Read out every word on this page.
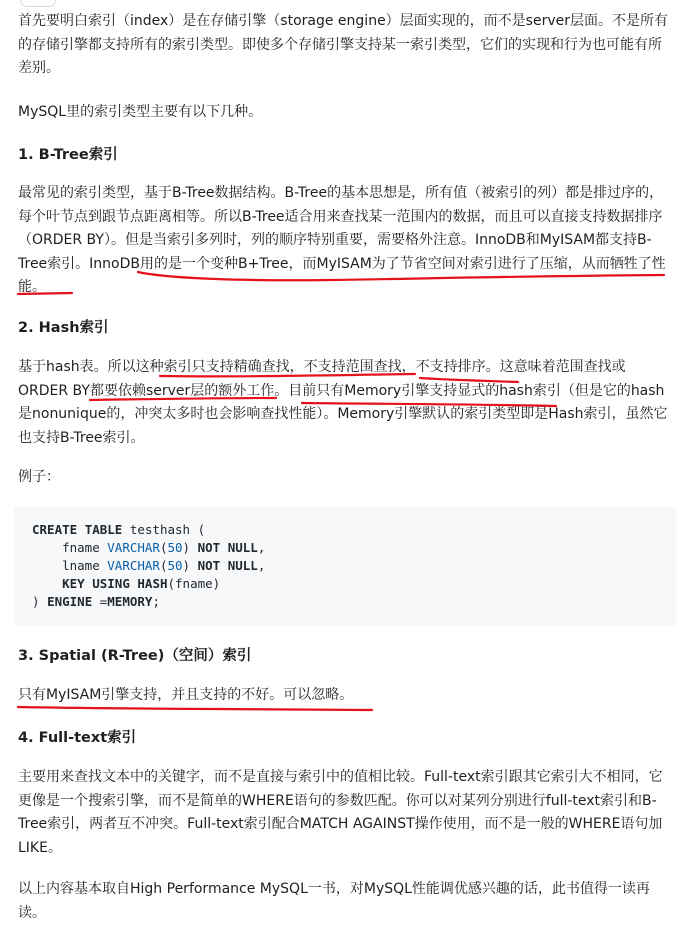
首先要明白索引（index）是在存储引擎（storage engine）层面实现的，而不是server层面。不是所有的存储引擎都支持所有的索引类型。即使多个存储引擎支持某一索引类型，它们的实现和行为也可能有所差别。

MySQL里的索引类型主要有以下几种。

1. B-Tree索引

最常见的索引类型，基于B-Tree数据结构。B-Tree的基本思想是，所有值（被索引的列）都是排过序的，每个叶节点到跟节点距离相等。所以B-Tree适合用来查找某一范围内的数据，而且可以直接支持数据排序（ORDER BY）。但是当索引多列时，列的顺序特别重要，需要格外注意。InnoDB和MyISAM都支持B-Tree索引。InnoDB用的是一个变种B+Tree，而MyISAM为了节省空间对索引进行了压缩，从而牺牲了性能。

2. Hash索引

基于hash表。所以这种索引只支持精确查找，不支持范围查找，不支持排序。这意味着范围查找或ORDER BY都要依赖server层的额外工作。目前只有Memory引擎支持显式的hash索引（但是它的hash是nonunique的，冲突太多时也会影响查找性能）。Memory引擎默认的索引类型即是Hash索引，虽然它也支持B-Tree索引。

例子：

CREATE TABLE testhash (
fname VARCHAR(50) NOT NULL,
lname VARCHAR(50) NOT NULL,
KEY USING HASH(fname)
) ENGINE =MEMORY;
3. Spatial (R-Tree)（空间）索引

只有MyISAM引擎支持，并且支持的不好。可以忽略。

4. Full-text索引

主要用来查找文本中的关键字，而不是直接与索引中的值相比较。Full-text索引跟其它索引大不相同，它更像是一个搜索引擎，而不是简单的WHERE语句的参数匹配。你可以对某列分别进行full-text索引和B-Tree索引，两者互不冲突。Full-text索引配合MATCH AGAINST操作使用，而不是一般的WHERE语句加LIKE。

以上内容基本取自High Performance MySQL一书，对MySQL性能调优感兴趣的话，此书值得一读再读。
